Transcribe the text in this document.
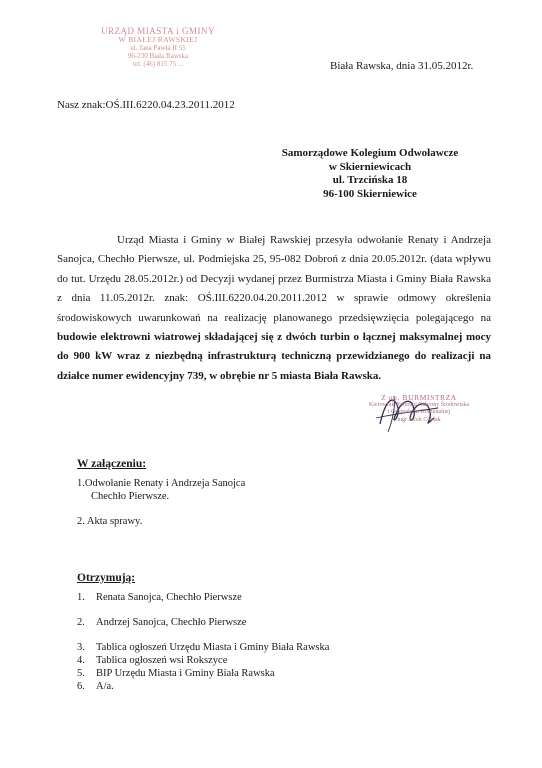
URZĄD MIASTA i GMINY
W BIAŁEJ RAWSKIEJ
ul. Jana Pawła II 55
96-230 Biała Rawska
tel. (46) 815 75 ...	Biała Rawska, dnia 31.05.2012r.
Nasz znak:OŚ.III.6220.04.23.2011.2012
Samorządowe Kolegium Odwoławcze
w Skierniewicach
ul. Trzcińska 18
96-100 Skierniewice
Urząd Miasta i Gminy w Białej Rawskiej przesyła odwołanie Renaty i Andrzeja Sanojca, Chechło Pierwsze, ul. Podmiejska 25, 95-082 Dobroń z dnia 20.05.2012r. (data wpływu do tut. Urzędu 28.05.2012r.) od Decyzji wydanej przez Burmistrza Miasta i Gminy Biała Rawska z dnia 11.05.2012r. znak: OŚ.III.6220.04.20.2011.2012 w sprawie odmowy określenia środowiskowych uwarunkowań na realizację planowanego przedsięwzięcia polegającego na budowie elektrowni wiatrowej składającej się z dwóch turbin o łącznej maksymalnej mocy do 900 kW wraz z niezbędną infrastrukturą techniczną przewidzianego do realizacji na działce numer ewidencyjny 739, w obrębie nr 5 miasta Biała Rawska.
Z up. BURMISTRZA
Kierownik Referatu Ochrony Środowiska
i Gospodarki Komunalnej
mgr Jacek Chylak
W załączeniu:
1.Odwołanie Renaty i Andrzeja Sanojca
Chechło Pierwsze.
2. Akta sprawy.
Otrzymują:
1.	Renata Sanojca, Chechło Pierwsze
2.	Andrzej Sanojca, Chechło Pierwsze
3.	Tablica ogłoszeń Urzędu Miasta i Gminy Biała Rawska
4.	Tablica ogłoszeń wsi Rokszyce
5.	BIP Urzędu Miasta i Gminy Biała Rawska
6.	A/a.
